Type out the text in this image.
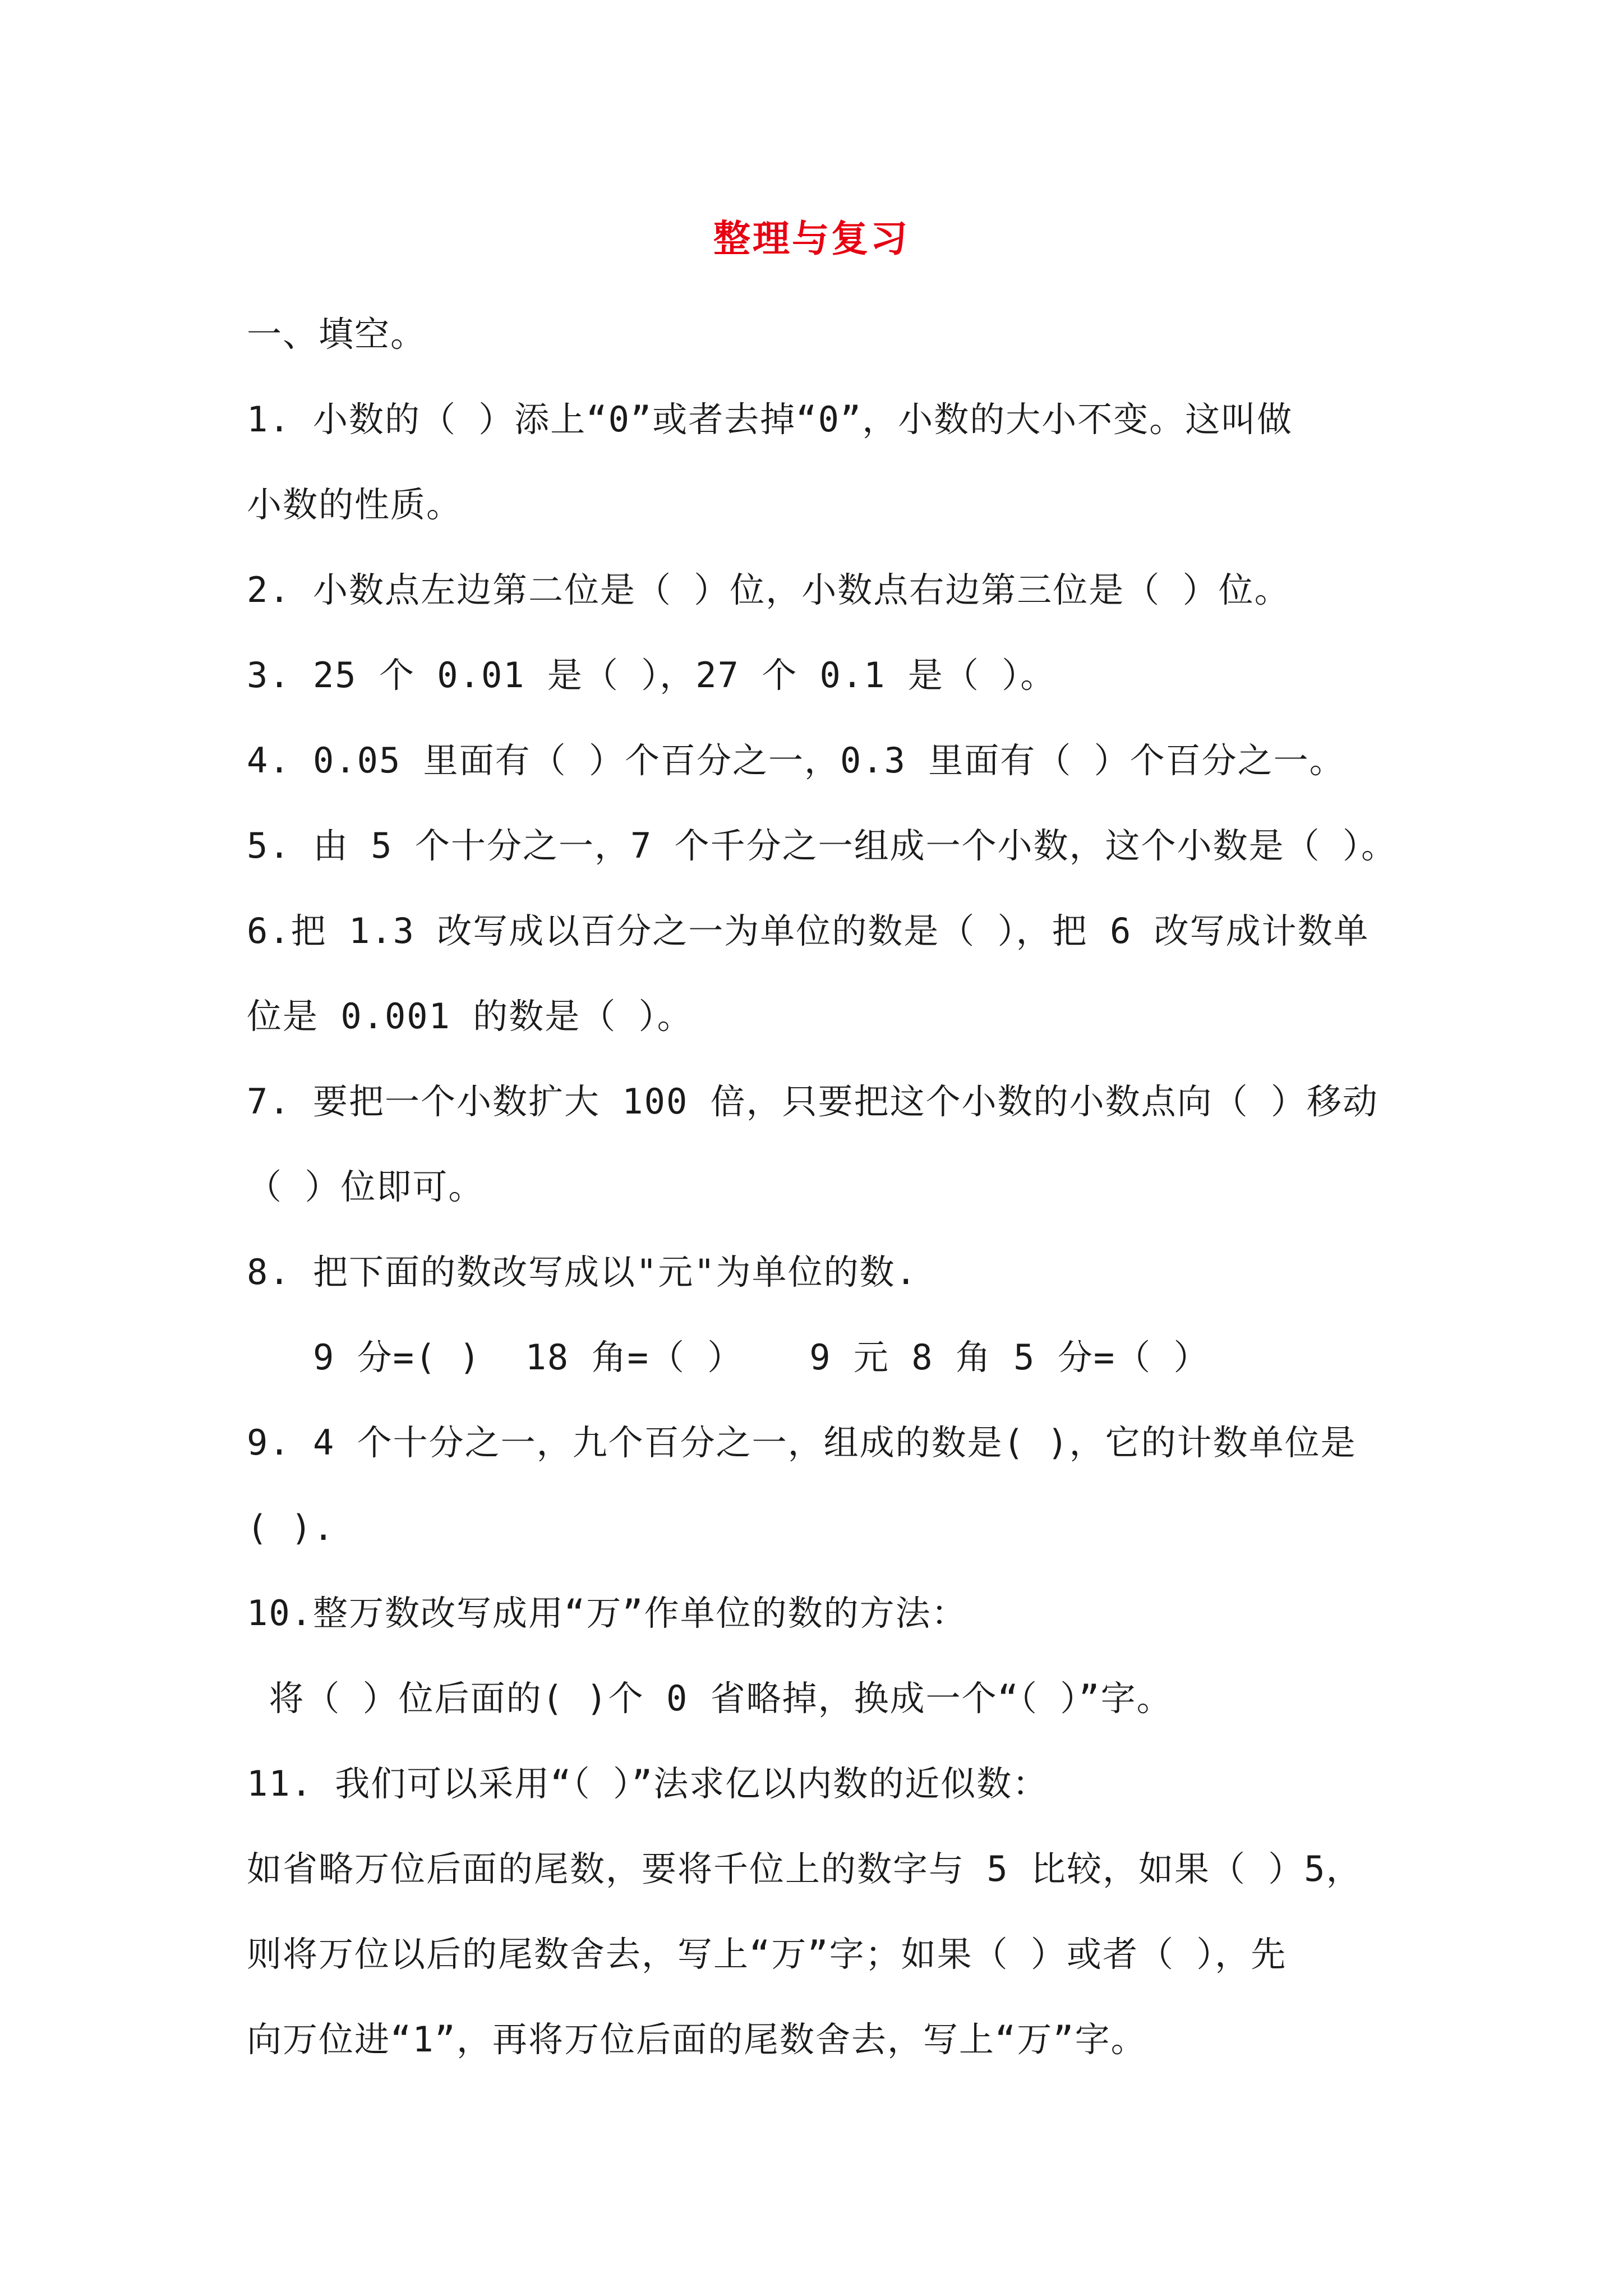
整理与复习
一、填空。
1. 小数的（ ）添上“0”或者去掉“0”，小数的大小不变。这叫做
小数的性质。
2. 小数点左边第二位是（ ）位，小数点右边第三位是（ ）位。
3. 25 个 0.01 是（ ），27 个 0.1 是（ ）。
4. 0.05 里面有（ ）个百分之一，0.3 里面有（ ）个百分之一。
5. 由 5 个十分之一，7 个千分之一组成一个小数，这个小数是（ ）。
6.把 1.3 改写成以百分之一为单位的数是（ ），把 6 改写成计数单
位是 0.001 的数是（ ）。
7. 要把一个小数扩大 100 倍，只要把这个小数的小数点向（ ）移动
（ ）位即可。
8. 把下面的数改写成以"元"为单位的数.
9 分=( )  18 角=（ ）   9 元 8 角 5 分=（ ）
9. 4 个十分之一，九个百分之一，组成的数是( )，它的计数单位是
( ).
10.整万数改写成用“万”作单位的数的方法：
将（ ）位后面的( )个 0 省略掉，换成一个“（ ）”字。
11. 我们可以采用“（ ）”法求亿以内数的近似数：
如省略万位后面的尾数，要将千位上的数字与 5 比较，如果（ ）5，
则将万位以后的尾数舍去，写上“万”字；如果（ ）或者（ ），先
向万位进“1”，再将万位后面的尾数舍去，写上“万”字。
